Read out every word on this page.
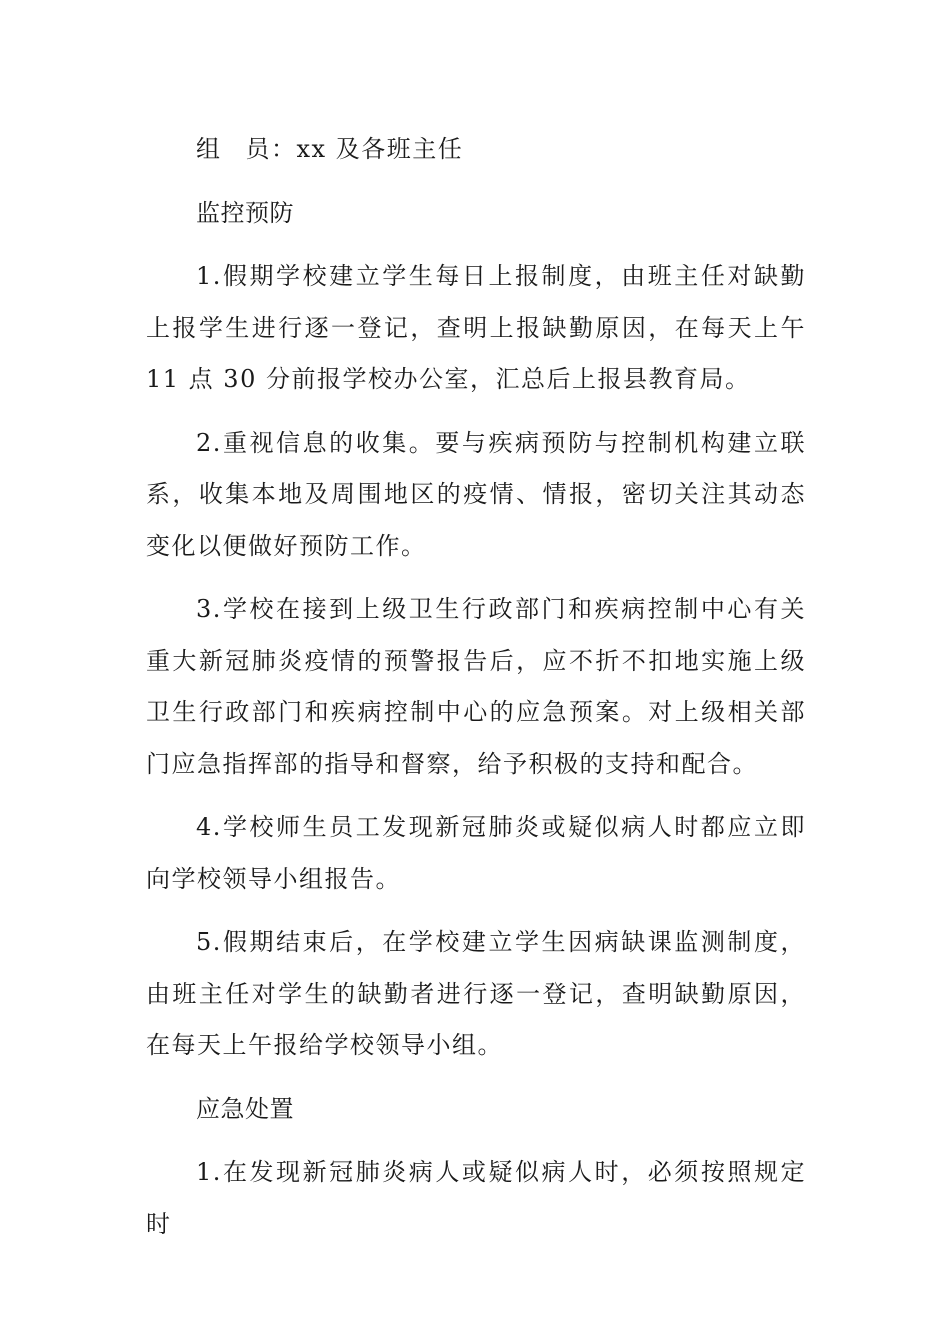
组 员：xx 及各班主任

监控预防

1.假期学校建立学生每日上报制度，由班主任对缺勤上报学生进行逐一登记，查明上报缺勤原因，在每天上午 11 点 30 分前报学校办公室，汇总后上报县教育局。

2.重视信息的收集。要与疾病预防与控制机构建立联系，收集本地及周围地区的疫情、情报，密切关注其动态变化以便做好预防工作。

3.学校在接到上级卫生行政部门和疾病控制中心有关重大新冠肺炎疫情的预警报告后，应不折不扣地实施上级卫生行政部门和疾病控制中心的应急预案。对上级相关部门应急指挥部的指导和督察，给予积极的支持和配合。

4.学校师生员工发现新冠肺炎或疑似病人时都应立即向学校领导小组报告。

5.假期结束后，在学校建立学生因病缺课监测制度，由班主任对学生的缺勤者进行逐一登记，查明缺勤原因，在每天上午报给学校领导小组。

应急处置

1.在发现新冠肺炎病人或疑似病人时，必须按照规定时
